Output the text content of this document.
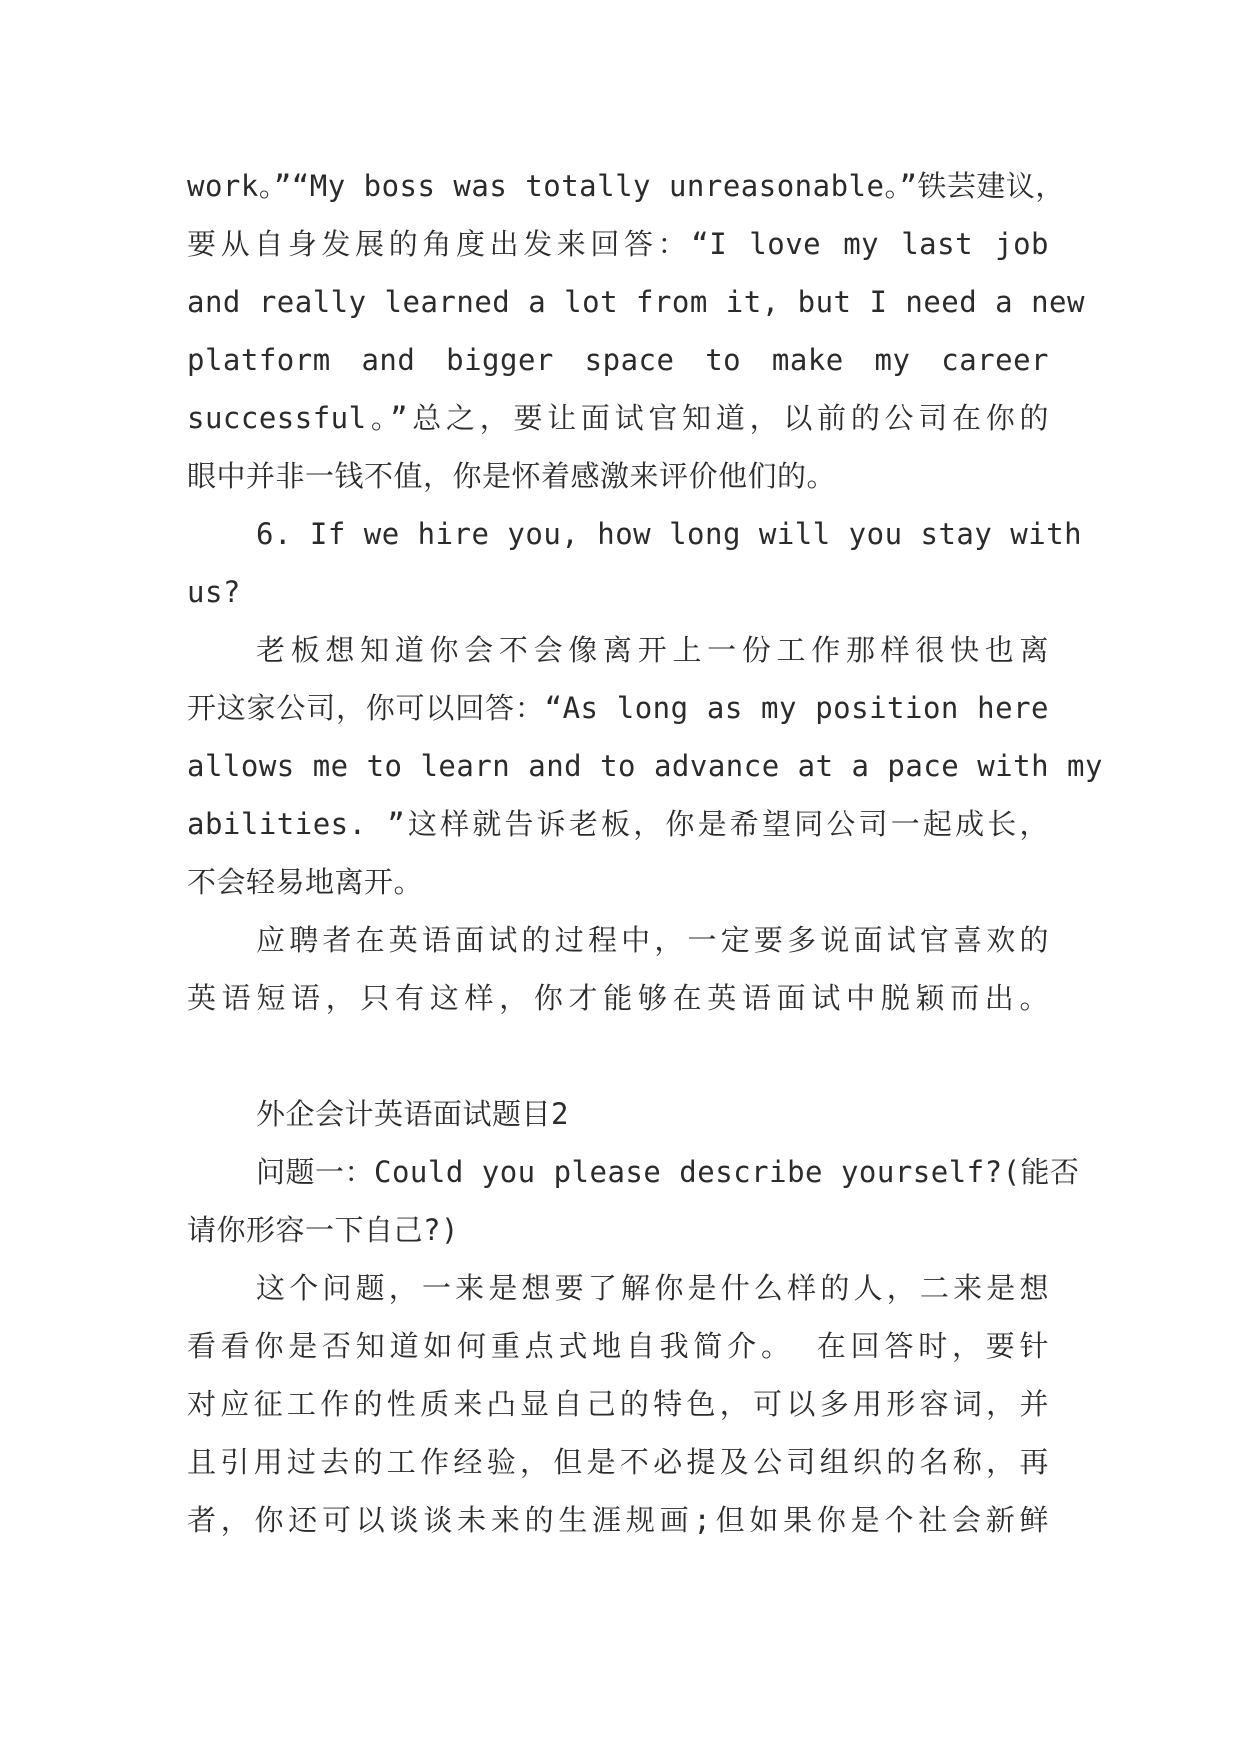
work。”“My boss was totally unreasonable。”铁芸建议，
要从自身发展的角度出发来回答：“I love my last job
and really learned a lot from it, but I need a new
platform and bigger space to make my career
successful。”总之，要让面试官知道，以前的公司在你的
眼中并非一钱不值，你是怀着感激来评价他们的。
6. If we hire you, how long will you stay with
us?
老板想知道你会不会像离开上一份工作那样很快也离
开这家公司，你可以回答：“As long as my position here
allows me to learn and to advance at a pace with my
abilities. ”这样就告诉老板，你是希望同公司一起成长，
不会轻易地离开。
应聘者在英语面试的过程中，一定要多说面试官喜欢的
英语短语，只有这样，你才能够在英语面试中脱颖而出。
外企会计英语面试题目2
问题一：Could you please describe yourself?(能否
请你形容一下自己?)
这个问题，一来是想要了解你是什么样的人，二来是想
看看你是否知道如何重点式地自我简介。 在回答时，要针
对应征工作的性质来凸显自己的特色，可以多用形容词，并
且引用过去的工作经验，但是不必提及公司组织的名称，再
者，你还可以谈谈未来的生涯规画;但如果你是个社会新鲜
